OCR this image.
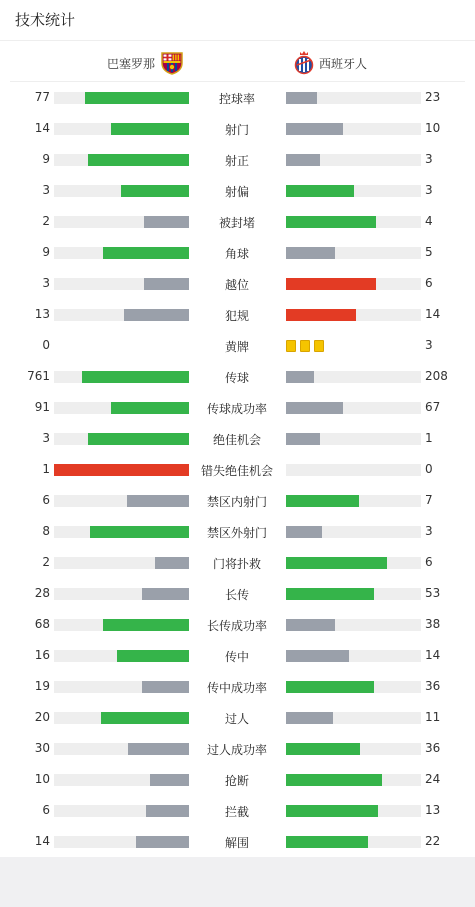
技术统计
巴塞罗那	西班牙人
77	控球率	23
14	射门	10
9	射正	3
3	射偏	3
2	被封堵	4
9	角球	5
3	越位	6
13	犯规	14
0	黄牌	3
761	传球	208
91	传球成功率	67
3	绝佳机会	1
1	错失绝佳机会	0
6	禁区内射门	7
8	禁区外射门	3
2	门将扑救	6
28	长传	53
68	长传成功率	38
16	传中	14
19	传中成功率	36
20	过人	11
30	过人成功率	36
10	抢断	24
6	拦截	13
14	解围	22
